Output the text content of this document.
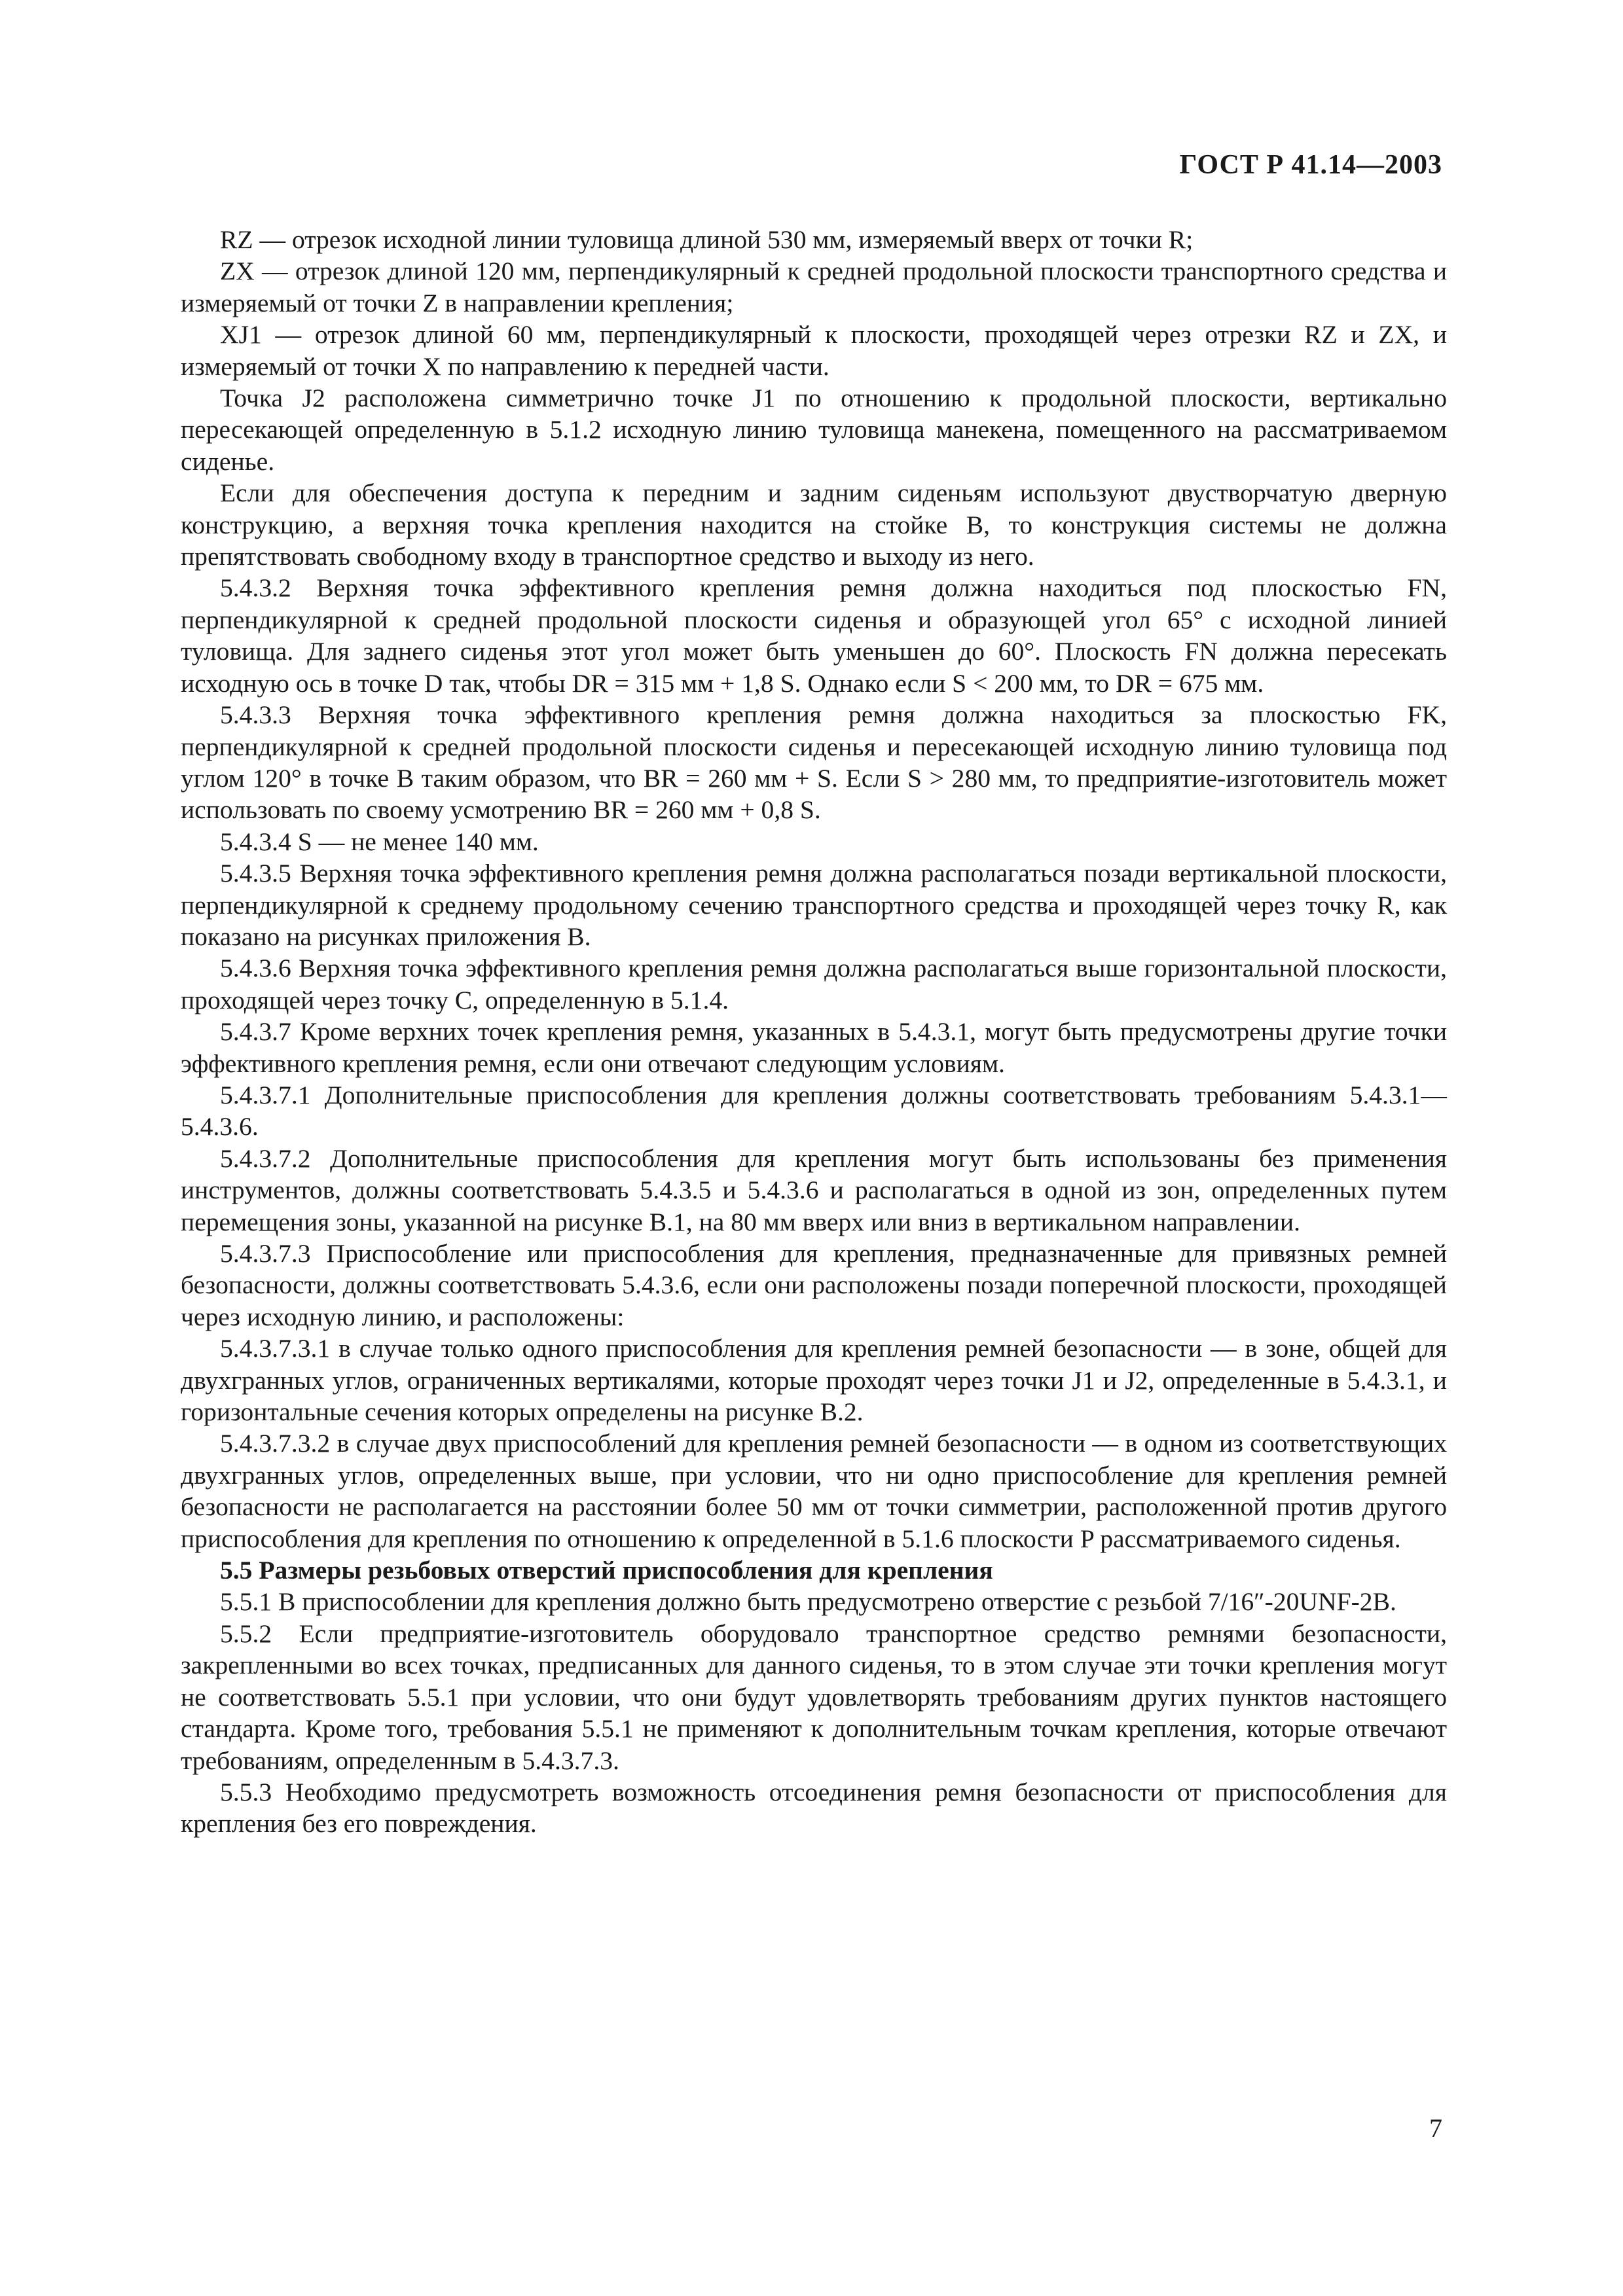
ГОСТ Р 41.14—2003

RZ — отрезок исходной линии туловища длиной 530 мм, измеряемый вверх от точки R;

ZX — отрезок длиной 120 мм, перпендикулярный к средней продольной плоскости транспортного средства и измеряемый от точки Z в направлении крепления;

XJ1 — отрезок длиной 60 мм, перпендикулярный к плоскости, проходящей через отрезки RZ и ZX, и измеряемый от точки X по направлению к передней части.

Точка J2 расположена симметрично точке J1 по отношению к продольной плоскости, вертикально пересекающей определенную в 5.1.2 исходную линию туловища манекена, помещенного на рассматриваемом сиденье.

Если для обеспечения доступа к передним и задним сиденьям используют двустворчатую дверную конструкцию, а верхняя точка крепления находится на стойке В, то конструкция системы не должна препятствовать свободному входу в транспортное средство и выходу из него.

5.4.3.2 Верхняя точка эффективного крепления ремня должна находиться под плоскостью FN, перпендикулярной к средней продольной плоскости сиденья и образующей угол 65° с исходной линией туловища. Для заднего сиденья этот угол может быть уменьшен до 60°. Плоскость FN должна пересекать исходную ось в точке D так, чтобы DR = 315 мм + 1,8 S. Однако если S < 200 мм, то DR = 675 мм.

5.4.3.3 Верхняя точка эффективного крепления ремня должна находиться за плоскостью FK, перпендикулярной к средней продольной плоскости сиденья и пересекающей исходную линию туловища под углом 120° в точке B таким образом, что BR = 260 мм + S. Если S > 280 мм, то предприятие-изготовитель может использовать по своему усмотрению BR = 260 мм + 0,8 S.

5.4.3.4 S — не менее 140 мм.

5.4.3.5 Верхняя точка эффективного крепления ремня должна располагаться позади вертикальной плоскости, перпендикулярной к среднему продольному сечению транспортного средства и проходящей через точку R, как показано на рисунках приложения В.

5.4.3.6 Верхняя точка эффективного крепления ремня должна располагаться выше горизонтальной плоскости, проходящей через точку C, определенную в 5.1.4.

5.4.3.7 Кроме верхних точек крепления ремня, указанных в 5.4.3.1, могут быть предусмотрены другие точки эффективного крепления ремня, если они отвечают следующим условиям.

5.4.3.7.1 Дополнительные приспособления для крепления должны соответствовать требованиям 5.4.3.1—5.4.3.6.

5.4.3.7.2 Дополнительные приспособления для крепления могут быть использованы без применения инструментов, должны соответствовать 5.4.3.5 и 5.4.3.6 и располагаться в одной из зон, определенных путем перемещения зоны, указанной на рисунке В.1, на 80 мм вверх или вниз в вертикальном направлении.

5.4.3.7.3 Приспособление или приспособления для крепления, предназначенные для привязных ремней безопасности, должны соответствовать 5.4.3.6, если они расположены позади поперечной плоскости, проходящей через исходную линию, и расположены:

5.4.3.7.3.1 в случае только одного приспособления для крепления ремней безопасности — в зоне, общей для двухгранных углов, ограниченных вертикалями, которые проходят через точки J1 и J2, определенные в 5.4.3.1, и горизонтальные сечения которых определены на рисунке В.2.

5.4.3.7.3.2 в случае двух приспособлений для крепления ремней безопасности — в одном из соответствующих двухгранных углов, определенных выше, при условии, что ни одно приспособление для крепления ремней безопасности не располагается на расстоянии более 50 мм от точки симметрии, расположенной против другого приспособления для крепления по отношению к определенной в 5.1.6 плоскости P рассматриваемого сиденья.

5.5 Размеры резьбовых отверстий приспособления для крепления

5.5.1 В приспособлении для крепления должно быть предусмотрено отверстие с резьбой 7/16″-20UNF-2B.

5.5.2 Если предприятие-изготовитель оборудовало транспортное средство ремнями безопасности, закрепленными во всех точках, предписанных для данного сиденья, то в этом случае эти точки крепления могут не соответствовать 5.5.1 при условии, что они будут удовлетворять требованиям других пунктов настоящего стандарта. Кроме того, требования 5.5.1 не применяют к дополнительным точкам крепления, которые отвечают требованиям, определенным в 5.4.3.7.3.

5.5.3 Необходимо предусмотреть возможность отсоединения ремня безопасности от приспособления для крепления без его повреждения.

7
